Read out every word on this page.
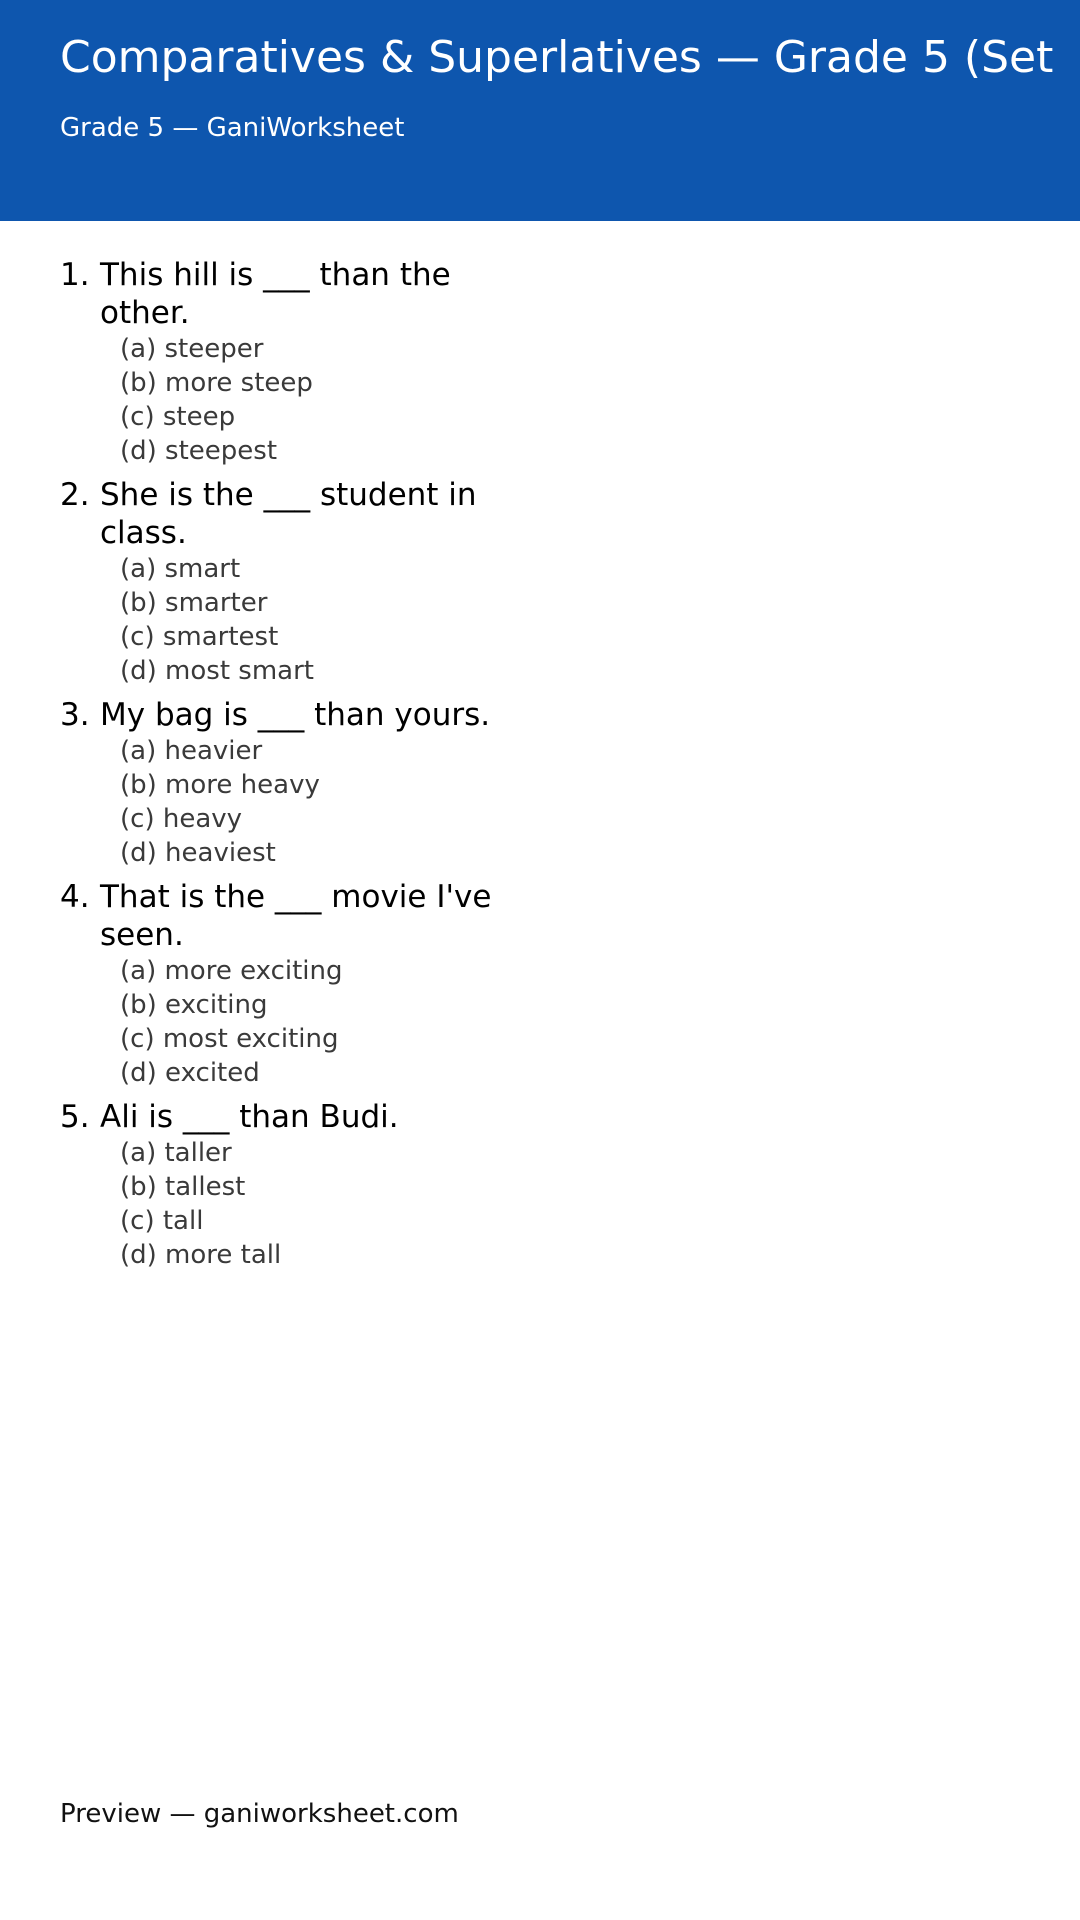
Comparatives & Superlatives — Grade 5 (Set
Grade 5 — GaniWorksheet
1. This hill is ___ than the other.
(a) steeper
(b) more steep
(c) steep
(d) steepest
2. She is the ___ student in class.
(a) smart
(b) smarter
(c) smartest
(d) most smart
3. My bag is ___ than yours.
(a) heavier
(b) more heavy
(c) heavy
(d) heaviest
4. That is the ___ movie I've seen.
(a) more exciting
(b) exciting
(c) most exciting
(d) excited
5. Ali is ___ than Budi.
(a) taller
(b) tallest
(c) tall
(d) more tall
Preview — ganiworksheet.com
